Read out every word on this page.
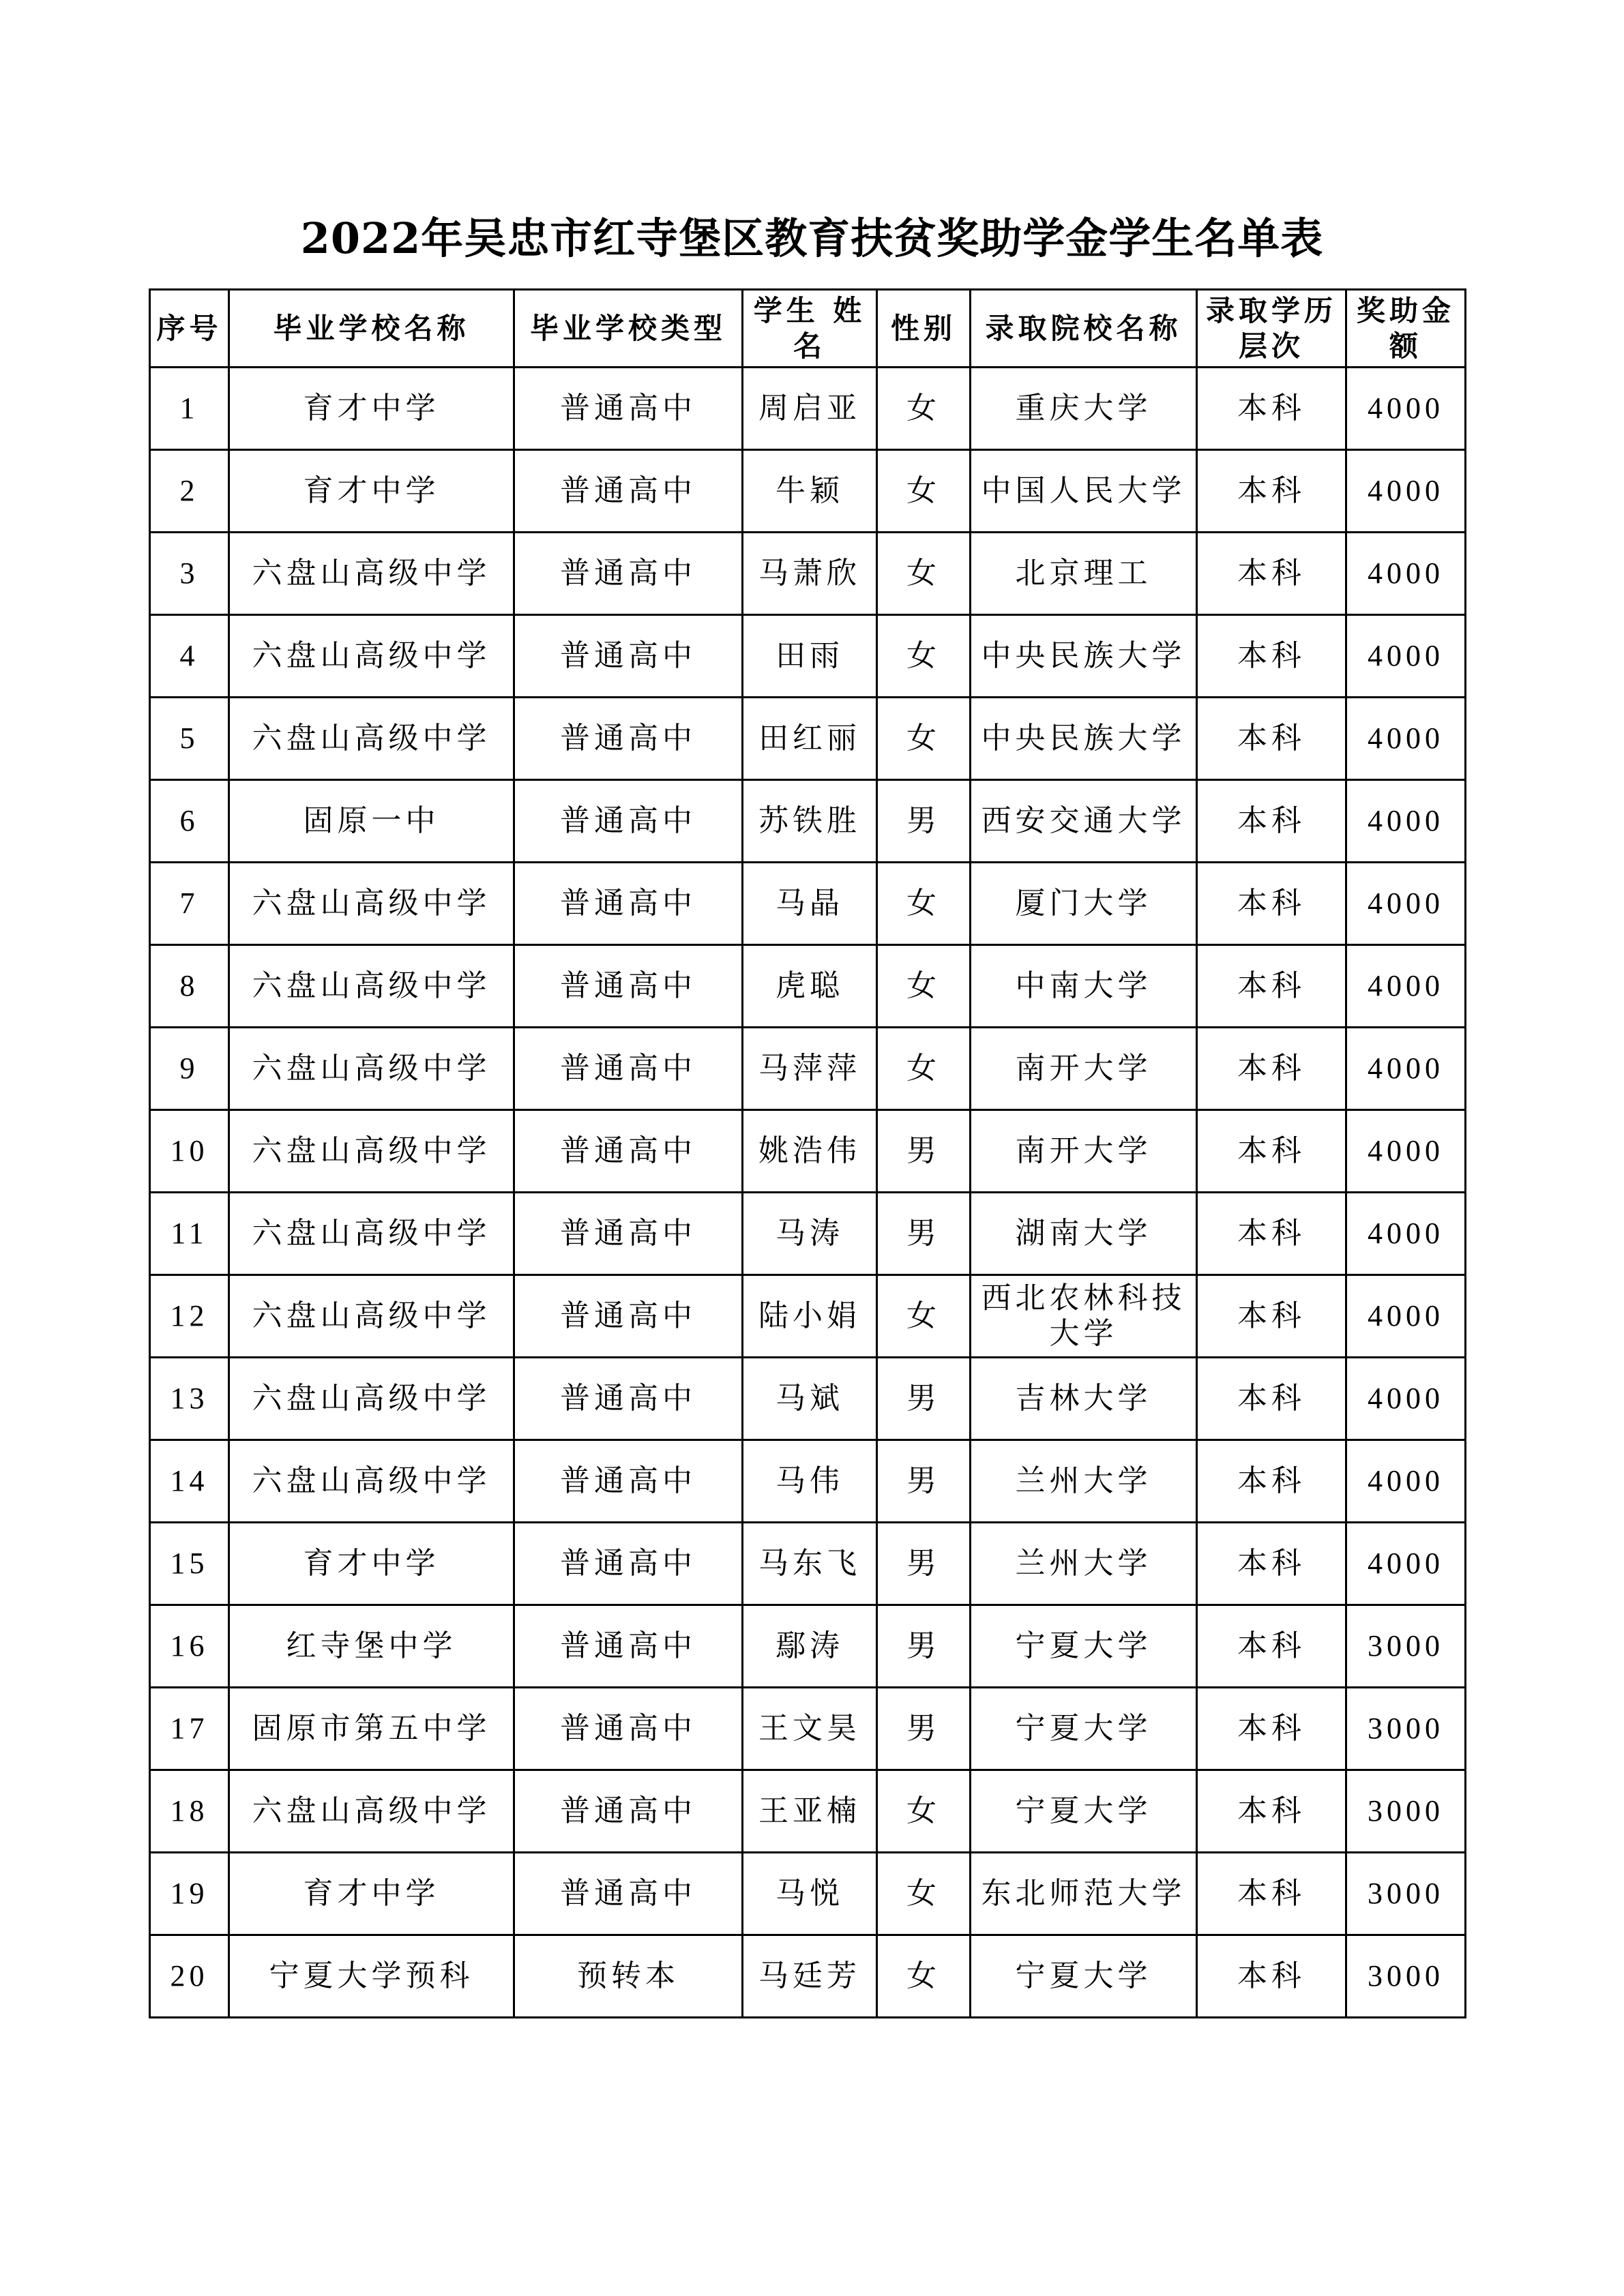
2022年吴忠市红寺堡区教育扶贫奖助学金学生名单表
序号	毕业学校名称	毕业学校类型	学生 姓名	性别	录取院校名称	录取学历层次	奖助金额
1	育才中学	普通高中	周启亚	女	重庆大学	本科	4000
2	育才中学	普通高中	牛颖	女	中国人民大学	本科	4000
3	六盘山高级中学	普通高中	马萧欣	女	北京理工	本科	4000
4	六盘山高级中学	普通高中	田雨	女	中央民族大学	本科	4000
5	六盘山高级中学	普通高中	田红丽	女	中央民族大学	本科	4000
6	固原一中	普通高中	苏铁胜	男	西安交通大学	本科	4000
7	六盘山高级中学	普通高中	马晶	女	厦门大学	本科	4000
8	六盘山高级中学	普通高中	虎聪	女	中南大学	本科	4000
9	六盘山高级中学	普通高中	马萍萍	女	南开大学	本科	4000
10	六盘山高级中学	普通高中	姚浩伟	男	南开大学	本科	4000
11	六盘山高级中学	普通高中	马涛	男	湖南大学	本科	4000
12	六盘山高级中学	普通高中	陆小娟	女	西北农林科技大学	本科	4000
13	六盘山高级中学	普通高中	马斌	男	吉林大学	本科	4000
14	六盘山高级中学	普通高中	马伟	男	兰州大学	本科	4000
15	育才中学	普通高中	马东飞	男	兰州大学	本科	4000
16	红寺堡中学	普通高中	鄢涛	男	宁夏大学	本科	3000
17	固原市第五中学	普通高中	王文昊	男	宁夏大学	本科	3000
18	六盘山高级中学	普通高中	王亚楠	女	宁夏大学	本科	3000
19	育才中学	普通高中	马悦	女	东北师范大学	本科	3000
20	宁夏大学预科	预转本	马廷芳	女	宁夏大学	本科	3000
